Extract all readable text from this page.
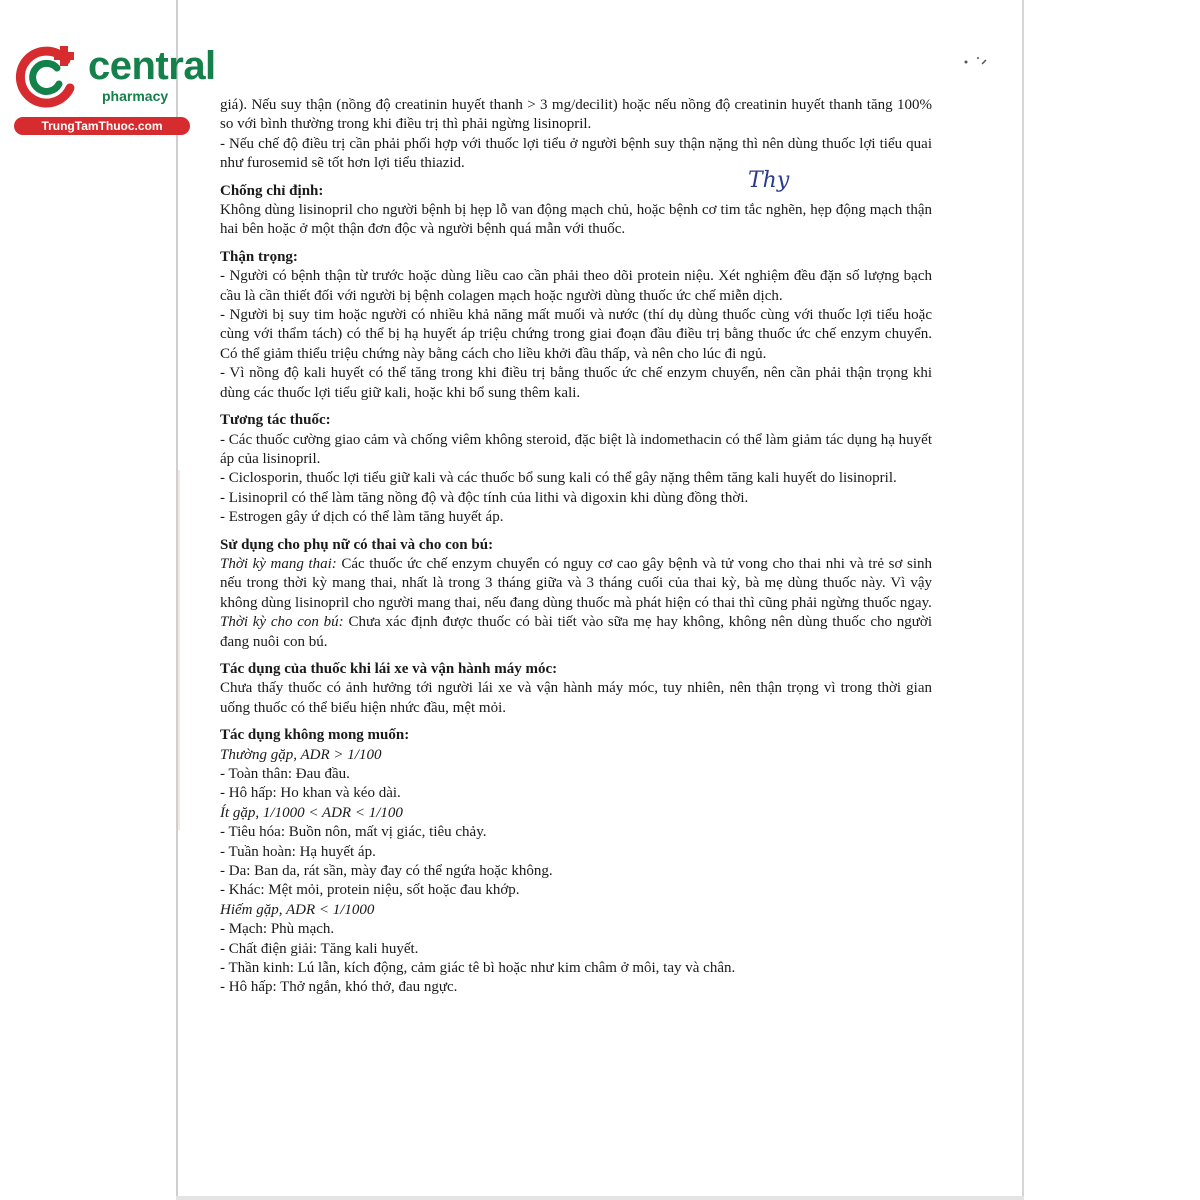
central
pharmacy
TrungTamThuoc.com
Thy

giá). Nếu suy thận (nồng độ creatinin huyết thanh > 3 mg/decilit) hoặc nếu nồng độ creatinin huyết thanh tăng 100% so với bình thường trong khi điều trị thì phải ngừng lisinopril.

- Nếu chế độ điều trị cần phải phối hợp với thuốc lợi tiểu ở người bệnh suy thận nặng thì nên dùng thuốc lợi tiểu quai như furosemid sẽ tốt hơn lợi tiểu thiazid.

Chống chỉ định:

Không dùng lisinopril cho người bệnh bị hẹp lỗ van động mạch chủ, hoặc bệnh cơ tim tắc nghẽn, hẹp động mạch thận hai bên hoặc ở một thận đơn độc và người bệnh quá mẫn với thuốc.

Thận trọng:

- Người có bệnh thận từ trước hoặc dùng liều cao cần phải theo dõi protein niệu. Xét nghiệm đều đặn số lượng bạch cầu là cần thiết đối với người bị bệnh colagen mạch hoặc người dùng thuốc ức chế miễn dịch.

- Người bị suy tim hoặc người có nhiều khả năng mất muối và nước (thí dụ dùng thuốc cùng với thuốc lợi tiểu hoặc cùng với thẩm tách) có thể bị hạ huyết áp triệu chứng trong giai đoạn đầu điều trị bằng thuốc ức chế enzym chuyển. Có thể giảm thiểu triệu chứng này bằng cách cho liều khởi đầu thấp, và nên cho lúc đi ngủ.

- Vì nồng độ kali huyết có thể tăng trong khi điều trị bằng thuốc ức chế enzym chuyển, nên cần phải thận trọng khi dùng các thuốc lợi tiểu giữ kali, hoặc khi bổ sung thêm kali.

Tương tác thuốc:

- Các thuốc cường giao cảm và chống viêm không steroid, đặc biệt là indomethacin có thể làm giảm tác dụng hạ huyết áp của lisinopril.

- Ciclosporin, thuốc lợi tiểu giữ kali và các thuốc bổ sung kali có thể gây nặng thêm tăng kali huyết do lisinopril.

- Lisinopril có thể làm tăng nồng độ và độc tính của lithi và digoxin khi dùng đồng thời.

- Estrogen gây ứ dịch có thể làm tăng huyết áp.

Sử dụng cho phụ nữ có thai và cho con bú:

Thời kỳ mang thai: Các thuốc ức chế enzym chuyển có nguy cơ cao gây bệnh và tử vong cho thai nhi và trẻ sơ sinh nếu trong thời kỳ mang thai, nhất là trong 3 tháng giữa và 3 tháng cuối của thai kỳ, bà mẹ dùng thuốc này. Vì vậy không dùng lisinopril cho người mang thai, nếu đang dùng thuốc mà phát hiện có thai thì cũng phải ngừng thuốc ngay.

Thời kỳ cho con bú: Chưa xác định được thuốc có bài tiết vào sữa mẹ hay không, không nên dùng thuốc cho người đang nuôi con bú.

Tác dụng của thuốc khi lái xe và vận hành máy móc:

Chưa thấy thuốc có ảnh hưởng tới người lái xe và vận hành máy móc, tuy nhiên, nên thận trọng vì trong thời gian uống thuốc có thể biểu hiện nhức đầu, mệt mỏi.

Tác dụng không mong muốn:

Thường gặp, ADR > 1/100

- Toàn thân: Đau đầu.

- Hô hấp: Ho khan và kéo dài.

Ít gặp, 1/1000 < ADR < 1/100

- Tiêu hóa: Buồn nôn, mất vị giác, tiêu chảy.

- Tuần hoàn: Hạ huyết áp.

- Da: Ban da, rát sần, mày đay có thể ngứa hoặc không.

- Khác: Mệt mỏi, protein niệu, sốt hoặc đau khớp.

Hiếm gặp, ADR < 1/1000

- Mạch: Phù mạch.

- Chất điện giải: Tăng kali huyết.

- Thần kinh: Lú lẫn, kích động, cảm giác tê bì hoặc như kim châm ở môi, tay và chân.

- Hô hấp: Thở ngắn, khó thở, đau ngực.
